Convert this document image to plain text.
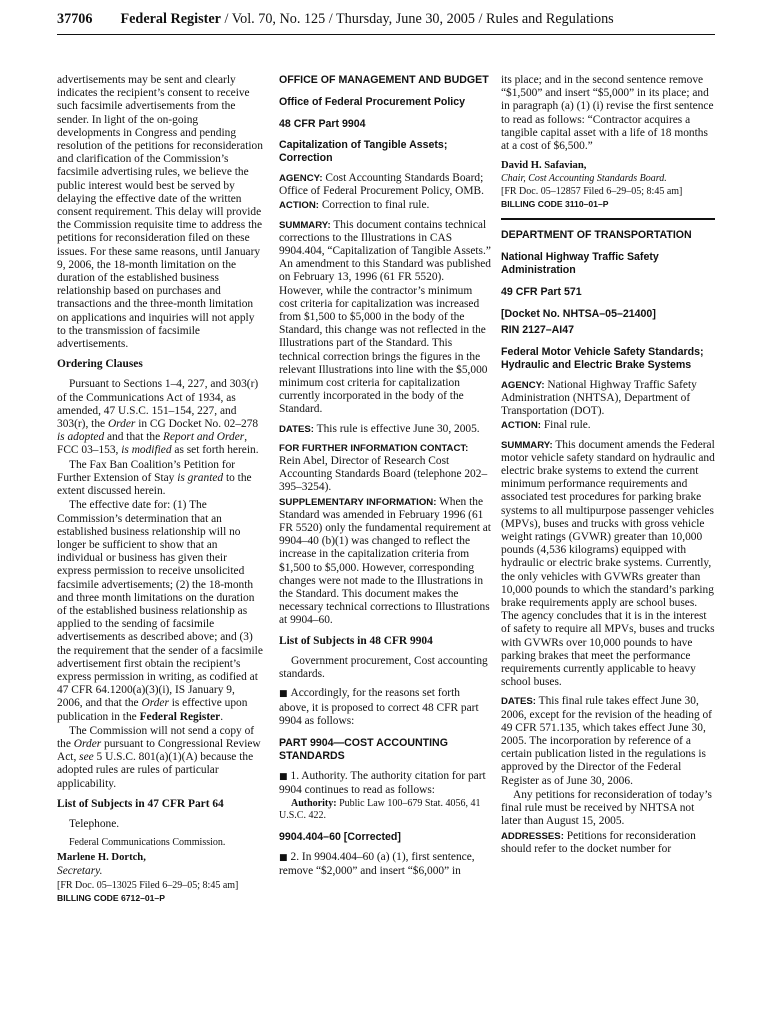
37706 Federal Register / Vol. 70, No. 125 / Thursday, June 30, 2005 / Rules and Regulations

advertisements may be sent and clearly indicates the recipient’s consent to receive such facsimile advertisements from the sender. In light of the on-going developments in Congress and pending resolution of the petitions for reconsideration and clarification of the Commission’s facsimile advertising rules, we believe the public interest would best be served by delaying the effective date of the written consent requirement. This delay will provide the Commission requisite time to address the petitions for reconsideration filed on these issues. For these same reasons, until January 9, 2006, the 18-month limitation on the duration of the established business relationship based on purchases and transactions and the three-month limitation on applications and inquiries will not apply to the transmission of facsimile advertisements.

Ordering Clauses

Pursuant to Sections 1–4, 227, and 303(r) of the Communications Act of 1934, as amended, 47 U.S.C. 151–154, 227, and 303(r), the Order in CG Docket No. 02–278 is adopted and that the Report and Order, FCC 03–153, is modified as set forth herein.

The Fax Ban Coalition’s Petition for Further Extension of Stay is granted to the extent discussed herein.

The effective date for: (1) The Commission’s determination that an established business relationship will no longer be sufficient to show that an individual or business has given their express permission to receive unsolicited facsimile advertisements; (2) the 18-month and three month limitations on the duration of the established business relationship as applied to the sending of facsimile advertisements as described above; and (3) the requirement that the sender of a facsimile advertisement first obtain the recipient’s express permission in writing, as codified at 47 CFR 64.1200(a)(3)(i), IS January 9, 2006, and that the Order is effective upon publication in the Federal Register.

The Commission will not send a copy of the Order pursuant to Congressional Review Act, see 5 U.S.C. 801(a)(1)(A) because the adopted rules are rules of particular applicability.

List of Subjects in 47 CFR Part 64

Telephone.

Federal Communications Commission.

Marlene H. Dortch,

Secretary.

[FR Doc. 05–13025 Filed 6–29–05; 8:45 am]

BILLING CODE 6712–01–P

OFFICE OF MANAGEMENT AND BUDGET
Office of Federal Procurement Policy
48 CFR Part 9904
Capitalization of Tangible Assets; Correction

AGENCY: Cost Accounting Standards Board; Office of Federal Procurement Policy, OMB.

ACTION: Correction to final rule.

SUMMARY: This document contains technical corrections to the Illustrations in CAS 9904.404, “Capitalization of Tangible Assets.” An amendment to this Standard was published on February 13, 1996 (61 FR 5520). However, while the contractor’s minimum cost criteria for capitalization was increased from $1,500 to $5,000 in the body of the Standard, this change was not reflected in the Illustrations part of the Standard. This technical correction brings the figures in the relevant Illustrations into line with the $5,000 minimum cost criteria for capitalization currently incorporated in the body of the Standard.

DATES: This rule is effective June 30, 2005.

FOR FURTHER INFORMATION CONTACT: Rein Abel, Director of Research Cost Accounting Standards Board (telephone 202–395–3254).

SUPPLEMENTARY INFORMATION: When the Standard was amended in February 1996 (61 FR 5520) only the fundamental requirement at 9904–40 (b)(1) was changed to reflect the increase in the capitalization criteria from $1,500 to $5,000. However, corresponding changes were not made to the Illustrations in the Standard. This document makes the necessary technical corrections to Illustrations at 9904–60.

List of Subjects in 48 CFR 9904

Government procurement, Cost accounting standards.

■ Accordingly, for the reasons set forth above, it is proposed to correct 48 CFR part 9904 as follows:

PART 9904—COST ACCOUNTING STANDARDS

■ 1. Authority. The authority citation for part 9904 continues to read as follows:

Authority: Public Law 100–679 Stat. 4056, 41 U.S.C. 422.

9904.404–60 [Corrected]

■ 2. In 9904.404–60 (a) (1), first sentence, remove “$2,000” and insert “$6,000” in

its place; and in the second sentence remove “$1,500” and insert “$5,000” in its place; and in paragraph (a) (1) (i) revise the first sentence to read as follows: “Contractor acquires a tangible capital asset with a life of 18 months at a cost of $6,500.”

David H. Safavian,

Chair, Cost Accounting Standards Board.

[FR Doc. 05–12857 Filed 6–29–05; 8:45 am]

BILLING CODE 3110–01–P

DEPARTMENT OF TRANSPORTATION
National Highway Traffic Safety Administration
49 CFR Part 571
[Docket No. NHTSA–05–21400]
RIN 2127–AI47
Federal Motor Vehicle Safety Standards; Hydraulic and Electric Brake Systems

AGENCY: National Highway Traffic Safety Administration (NHTSA), Department of Transportation (DOT).

ACTION: Final rule.

SUMMARY: This document amends the Federal motor vehicle safety standard on hydraulic and electric brake systems to extend the current minimum performance requirements and associated test procedures for parking brake systems to all multipurpose passenger vehicles (MPVs), buses and trucks with gross vehicle weight ratings (GVWR) greater than 10,000 pounds (4,536 kilograms) equipped with hydraulic or electric brake systems. Currently, the only vehicles with GVWRs greater than 10,000 pounds to which the standard’s parking brake requirements apply are school buses. The agency concludes that it is in the interest of safety to require all MPVs, buses and trucks with GVWRs over 10,000 pounds to have parking brakes that meet the performance requirements currently applicable to heavy school buses.

DATES: This final rule takes effect June 30, 2006, except for the revision of the heading of 49 CFR 571.135, which takes effect June 30, 2005. The incorporation by reference of a certain publication listed in the regulations is approved by the Director of the Federal Register as of June 30, 2006.

Any petitions for reconsideration of today’s final rule must be received by NHTSA not later than August 15, 2005.

ADDRESSES: Petitions for reconsideration should refer to the docket number for
